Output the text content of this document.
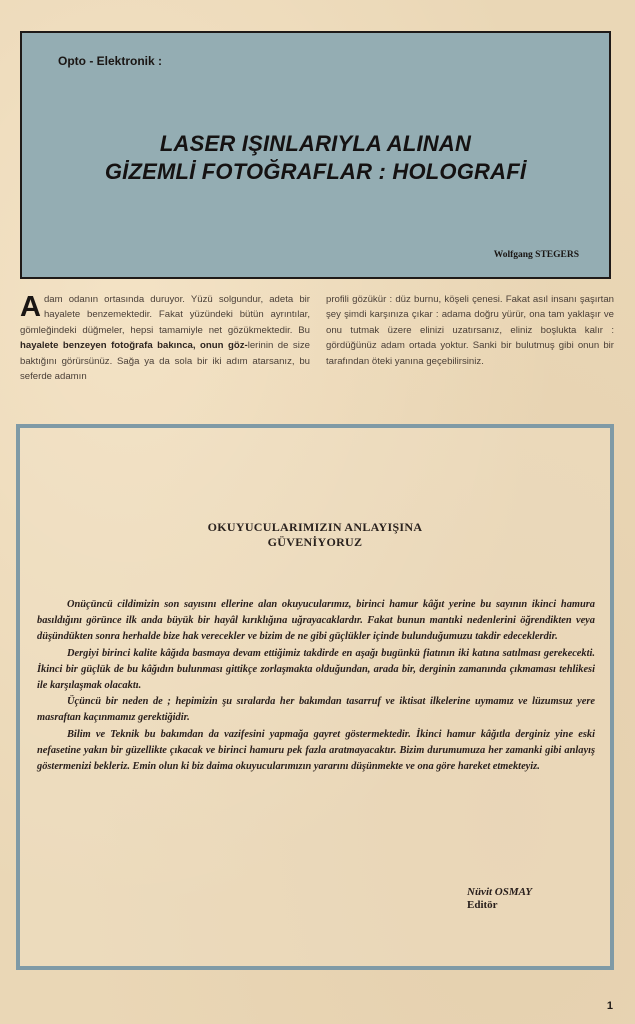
Opto - Elektronik :
LASER IŞINLARIYLA ALINAN
GİZEMLİ FOTOĞRAFLAR : HOLOGRAFİ
Wolfgang STEGERS
Adam odanın ortasında duruyor. Yüzü solgundur, adeta bir hayalete benzemektedir. Fakat yüzündeki bütün ayrıntılar, gömleğindeki düğmeler, hepsi tamamiyle net gözükmektedir. Bu hayalete benzeyen fotoğrafa bakınca, onun göz-lerinin de size baktığını görürsünüz. Sağa ya da sola bir iki adım atarsanız, bu seferde adamın
profili gözükür : düz burnu, köşeli çenesi. Fakat asıl insanı şaşırtan şey şimdi karşınıza çıkar : adama doğru yürür, ona tam yaklaşır ve onu tutmak üzere elinizi uzatırsanız, eliniz boşlukta kalır : gördüğünüz adam ortada yoktur. Sanki bir bulutmuş gibi onun bir tarafından öteki yanına geçebilirsiniz.
OKUYUCULARIMIZIN ANLAYIŞINA
GÜVENİYORUZ

Onüçüncü cildimizin son sayısını ellerine alan okuyucularımız, birinci hamur kâğıt yerine bu sayının ikinci hamura basıldığını görünce ilk anda büyük bir hayâl kırıklığına uğrayacaklardır. Fakat bunun mantıki nedenlerini öğrendikten veya düşündükten sonra herhalde bize hak verecekler ve bizim de ne gibi güçlükler içinde bulunduğumuzu takdir edeceklerdir.

Dergiyi birinci kalite kâğıda basmaya devam ettiğimiz takdirde en aşağı bugünkü fiatının iki katına satılması gerekecekti. İkinci bir güçlük de bu kâğıdın bulunması gittikçe zorlaşmakta olduğundan, arada bir, derginin zamanında çıkmaması tehlikesi ile karşılaşmak olacaktı.

Üçüncü bir neden de ; hepimizin şu sıralarda her bakımdan tasarruf ve iktisat ilkelerine uymamız ve lüzumsuz yere masraftan kaçınmamız gerektiğidir.

Bilim ve Teknik bu bakımdan da vazifesini yapmağa gayret göstermektedir. İkinci hamur kâğıtla derginiz yine eski nefasetine yakın bir güzellikte çıkacak ve birinci hamuru pek fazla aratmayacaktır. Bizim durumumuza her zamanki gibi anlayış göstermenizi bekleriz. Emin olun ki biz daima okuyucularımızın yararını düşünmekte ve ona göre hareket etmekteyiz.

Nüvit OSMAY
Editör
1
